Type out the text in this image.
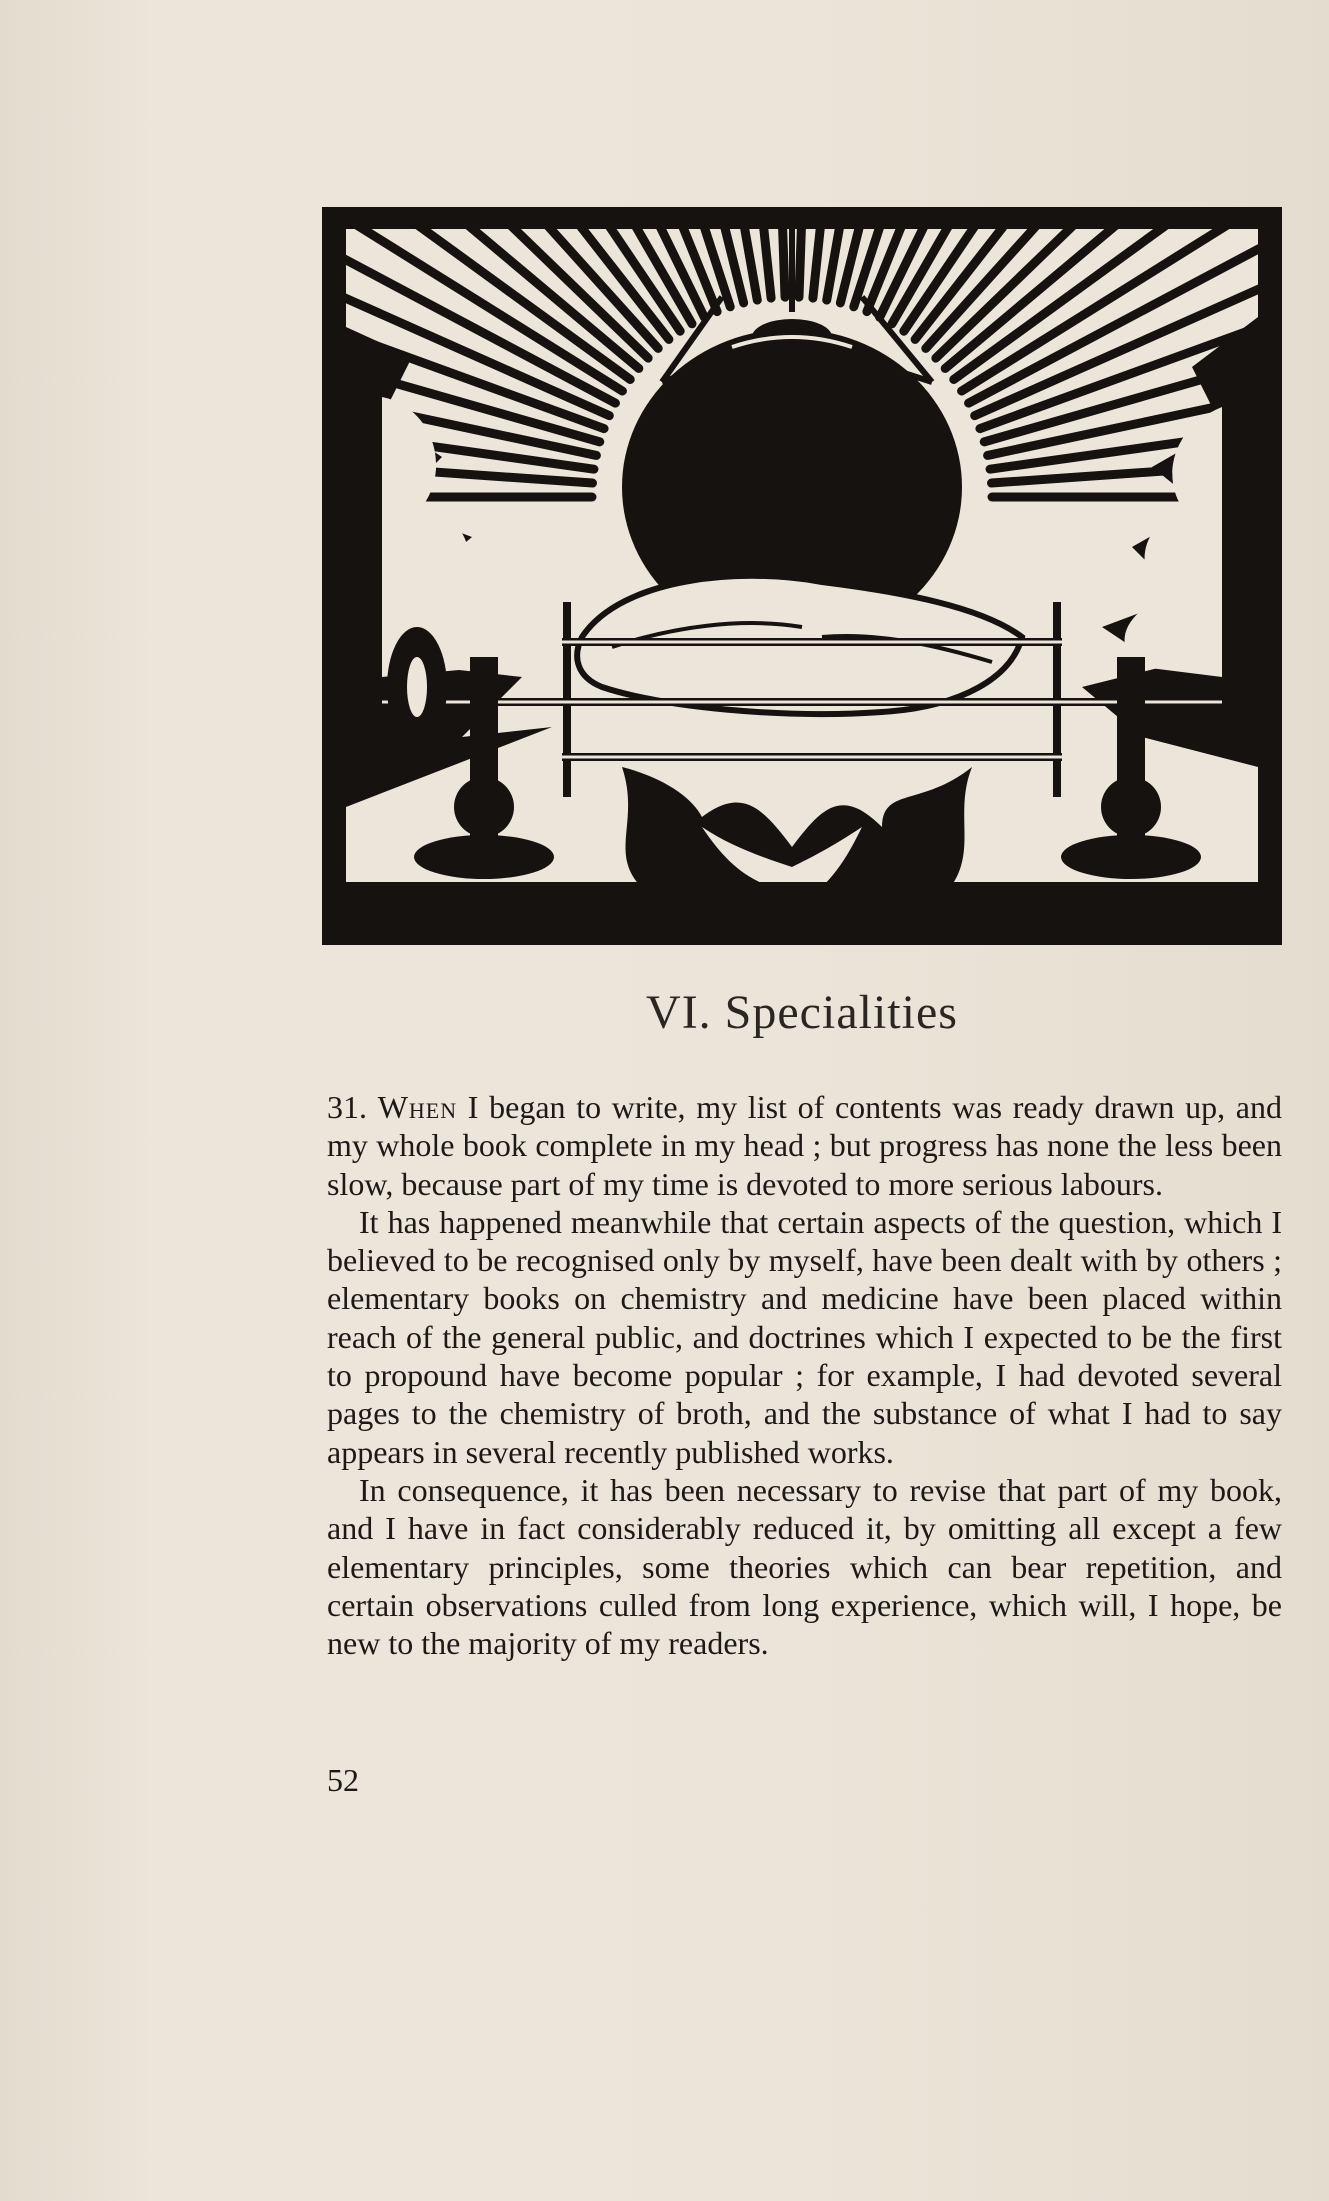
VI. Specialities

31. When I began to write, my list of contents was ready drawn up, and my whole book complete in my head ; but progress has none the less been slow, because part of my time is devoted to more serious labours.

It has happened meanwhile that certain aspects of the question, which I believed to be recognised only by myself, have been dealt with by others ; elementary books on chemistry and medicine have been placed within reach of the general public, and doctrines which I expected to be the first to propound have become popular ; for example, I had devoted several pages to the chemistry of broth, and the substance of what I had to say appears in several recently published works.

In consequence, it has been necessary to revise that part of my book, and I have in fact considerably reduced it, by omitting all except a few elementary principles, some theories which can bear repetition, and certain observations culled from long experience, which will, I hope, be new to the majority of my readers.

52
